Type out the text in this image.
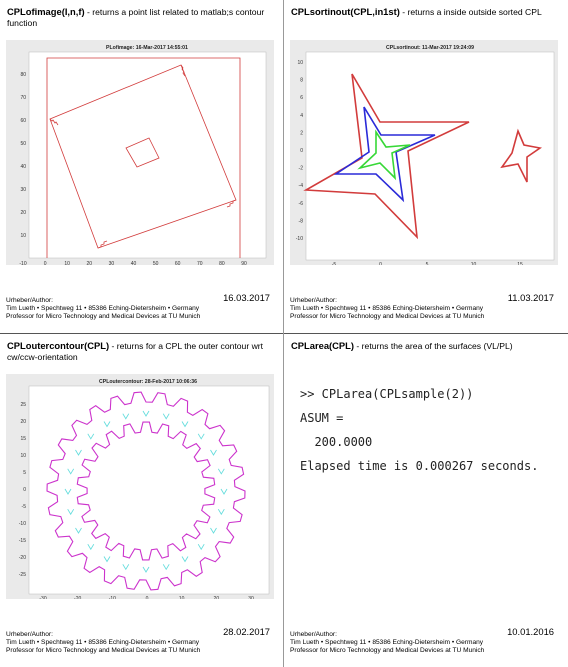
CPLofimage(I,n,f) - returns a point list related to matlab;s contour function
PLofimage: 16-Mar-2017 14:55:01
-10	0	10	20	30	40	50	60	70	80	90
80
70
60
50
40
30
20
10
Urheber/Author:	16.03.2017
Tim Lueth • Spechtweg 11 • 85386 Eching-Dietersheim • Germany
Professor for Micro Technology and Medical Devices at TU Munich
CPLsortinout(CPL,in1st) - returns a inside outside sorted CPL
CPLsortinout: 11-Mar-2017 19:24:09
-5	0	5	10	15
10
8
6
4
2
0
-2
-4
-6
-8
-10
Urheber/Author:	11.03.2017
Tim Lueth • Spechtweg 11 • 85386 Eching-Dietersheim • Germany
Professor for Micro Technology and Medical Devices at TU Munich
CPLoutercontour(CPL) - returns for a CPL the outer contour wrt cw/ccw-orientation
CPLoutercontour: 28-Feb-2017 10:06:36
-30	-20	-10	0	10	20	30
25
20
15
10
5
0
-5
-10
-15
-20
-25
Urheber/Author:	28.02.2017
Tim Lueth • Spechtweg 11 • 85386 Eching-Dietersheim • Germany
Professor for Micro Technology and Medical Devices at TU Munich
CPLarea(CPL) - returns the area of the surfaces (VL/PL)
>> CPLarea(CPLsample(2))
ASUM =
200.0000
Elapsed time is 0.000267 seconds.
Urheber/Author:	10.01.2016
Tim Lueth • Spechtweg 11 • 85386 Eching-Dietersheim • Germany
Professor for Micro Technology and Medical Devices at TU Munich
